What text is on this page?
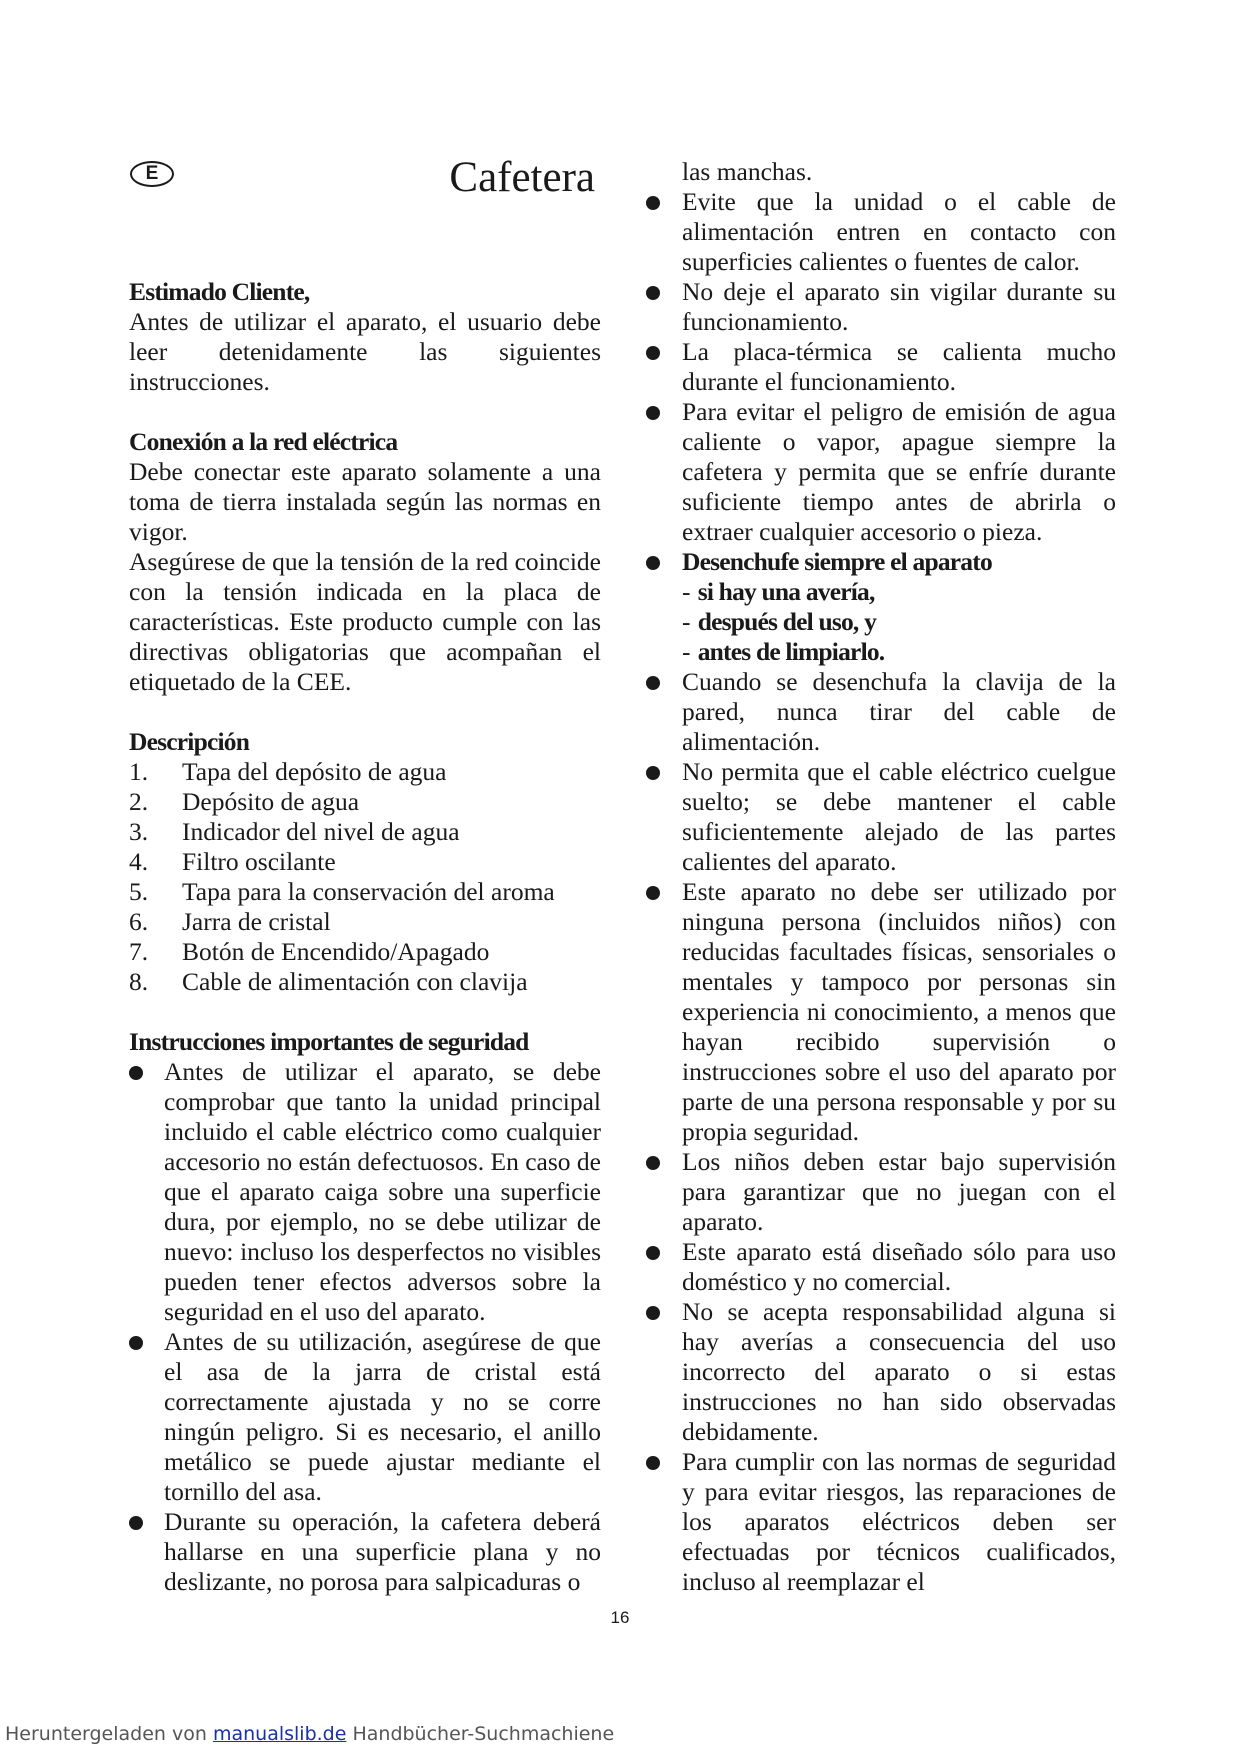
E	Cafetera
Estimado Cliente,
Antes de utilizar el aparato, el usuario debe leer detenidamente las siguientes instrucciones.
Conexión a la red eléctrica
Debe conectar este aparato solamente a una toma de tierra instalada según las normas en vigor.
Asegúrese de que la tensión de la red coincide con la tensión indicada en la placa de características. Este producto cumple con las directivas obligatorias que acompañan el etiquetado de la CEE.
Descripción
1.	Tapa del depósito de agua
2.	Depósito de agua
3.	Indicador del nivel de agua
4.	Filtro oscilante
5.	Tapa para la conservación del aroma
6.	Jarra de cristal
7.	Botón de Encendido/Apagado
8.	Cable de alimentación con clavija
Instrucciones importantes de seguridad
Antes de utilizar el aparato, se debe comprobar que tanto la unidad principal incluido el cable eléctrico como cualquier accesorio no están defectuosos. En caso de que el aparato caiga sobre una superficie dura, por ejemplo, no se debe utilizar de nuevo: incluso los desperfectos no visibles pueden tener efectos adversos sobre la seguridad en el uso del aparato.
Antes de su utilización, asegúrese de que el asa de la jarra de cristal está correctamente ajustada y no se corre ningún peligro. Si es necesario, el anillo metálico se puede ajustar mediante el tornillo del asa.
Durante su operación, la cafetera deberá hallarse en una superficie plana y no deslizante, no porosa para salpicaduras o
las manchas.
Evite que la unidad o el cable de alimentación entren en contacto con superficies calientes o fuentes de calor.
No deje el aparato sin vigilar durante su funcionamiento.
La placa-térmica se calienta mucho durante el funcionamiento.
Para evitar el peligro de emisión de agua caliente o vapor, apague siempre la cafetera y permita que se enfríe durante suficiente tiempo antes de abrirla o extraer cualquier accesorio o pieza.
Desenchufe siempre el aparato
- si hay una avería,
- después del uso, y
- antes de limpiarlo.
Cuando se desenchufa la clavija de la pared, nunca tirar del cable de alimentación.
No permita que el cable eléctrico cuelgue suelto; se debe mantener el cable suficientemente alejado de las partes calientes del aparato.
Este aparato no debe ser utilizado por ninguna persona (incluidos niños) con reducidas facultades físicas, sensoriales o mentales y tampoco por personas sin experiencia ni conocimiento, a menos que hayan recibido supervisión o instrucciones sobre el uso del aparato por parte de una persona responsable y por su propia seguridad.
Los niños deben estar bajo supervisión para garantizar que no juegan con el aparato.
Este aparato está diseñado sólo para uso doméstico y no comercial.
No se acepta responsabilidad alguna si hay averías a consecuencia del uso incorrecto del aparato o si estas instrucciones no han sido observadas debidamente.
Para cumplir con las normas de seguridad y para evitar riesgos, las reparaciones de los aparatos eléctricos deben ser efectuadas por técnicos cualificados, incluso al reemplazar el
16
Heruntergeladen von manualslib.de Handbücher-Suchmachiene
